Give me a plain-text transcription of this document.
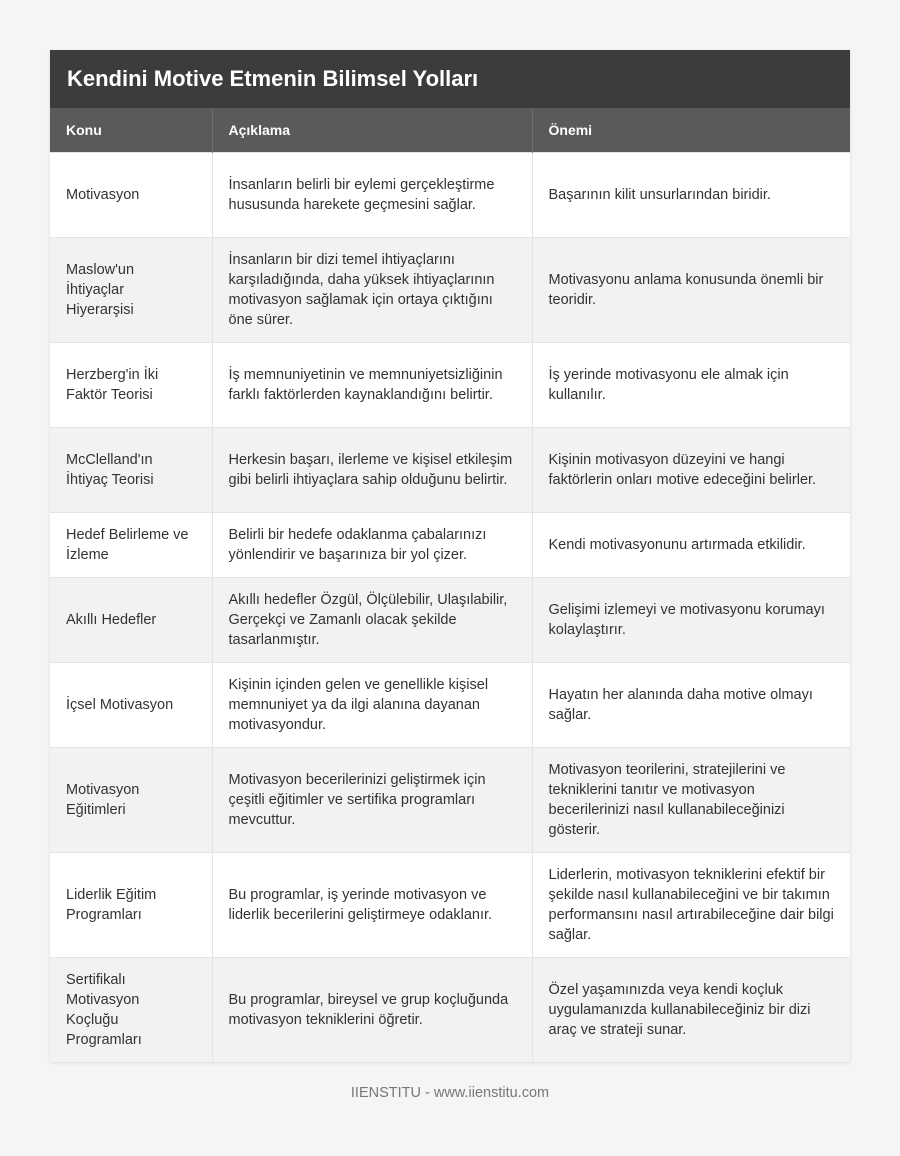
Kendini Motive Etmenin Bilimsel Yolları
Konu	Açıklama	Önemi
Motivasyon	İnsanların belirli bir eylemi gerçekleştirme hususunda harekete geçmesini sağlar.	Başarının kilit unsurlarından biridir.
Maslow'un İhtiyaçlar Hiyerarşisi	İnsanların bir dizi temel ihtiyaçlarını karşıladığında, daha yüksek ihtiyaçlarının motivasyon sağlamak için ortaya çıktığını öne sürer.	Motivasyonu anlama konusunda önemli bir teoridir.
Herzberg'in İki Faktör Teorisi	İş memnuniyetinin ve memnuniyetsizliğinin farklı faktörlerden kaynaklandığını belirtir.	İş yerinde motivasyonu ele almak için kullanılır.
McClelland'ın İhtiyaç Teorisi	Herkesin başarı, ilerleme ve kişisel etkileşim gibi belirli ihtiyaçlara sahip olduğunu belirtir.	Kişinin motivasyon düzeyini ve hangi faktörlerin onları motive edeceğini belirler.
Hedef Belirleme ve İzleme	Belirli bir hedefe odaklanma çabalarınızı yönlendirir ve başarınıza bir yol çizer.	Kendi motivasyonunu artırmada etkilidir.
Akıllı Hedefler	Akıllı hedefler Özgül, Ölçülebilir, Ulaşılabilir, Gerçekçi ve Zamanlı olacak şekilde tasarlanmıştır.	Gelişimi izlemeyi ve motivasyonu korumayı kolaylaştırır.
İçsel Motivasyon	Kişinin içinden gelen ve genellikle kişisel memnuniyet ya da ilgi alanına dayanan motivasyondur.	Hayatın her alanında daha motive olmayı sağlar.
Motivasyon Eğitimleri	Motivasyon becerilerinizi geliştirmek için çeşitli eğitimler ve sertifika programları mevcuttur.	Motivasyon teorilerini, stratejilerini ve tekniklerini tanıtır ve motivasyon becerilerinizi nasıl kullanabileceğinizi gösterir.
Liderlik Eğitim Programları	Bu programlar, iş yerinde motivasyon ve liderlik becerilerini geliştirmeye odaklanır.	Liderlerin, motivasyon tekniklerini efektif bir şekilde nasıl kullanabileceğini ve bir takımın performansını nasıl artırabileceğine dair bilgi sağlar.
Sertifikalı Motivasyon Koçluğu Programları	Bu programlar, bireysel ve grup koçluğunda motivasyon tekniklerini öğretir.	Özel yaşamınızda veya kendi koçluk uygulamanızda kullanabileceğiniz bir dizi araç ve strateji sunar.
IIENSTITU - www.iienstitu.com
